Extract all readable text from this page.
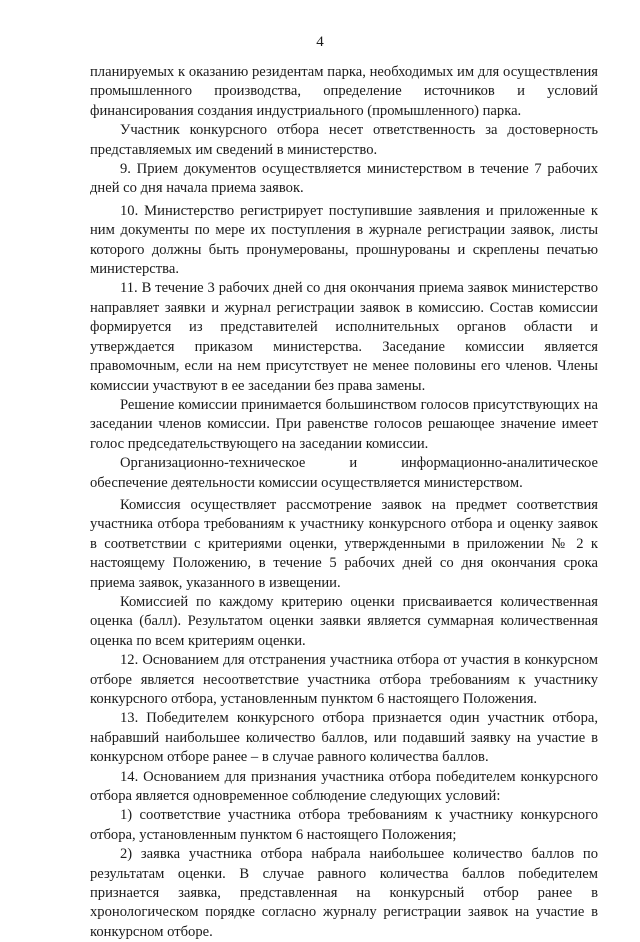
4

планируемых к оказанию резидентам парка, необходимых им для осуществления промышленного производства, определение источников и условий финансирования создания индустриального (промышленного) парка.

Участник конкурсного отбора несет ответственность за достоверность представляемых им сведений в министерство.

9. Прием документов осуществляется министерством в течение 7 рабочих дней со дня начала приема заявок.

10. Министерство регистрирует поступившие заявления и приложенные к ним документы по мере их поступления в журнале регистрации заявок, листы которого должны быть пронумерованы, прошнурованы и скреплены печатью министерства.

11. В течение 3 рабочих дней со дня окончания приема заявок министерство направляет заявки и журнал регистрации заявок в комиссию. Состав комиссии формируется из представителей исполнительных органов области и утверждается приказом министерства. Заседание комиссии является правомочным, если на нем присутствует не менее половины его членов. Члены комиссии участвуют в ее заседании без права замены.

Решение комиссии принимается большинством голосов присутствующих на заседании членов комиссии. При равенстве голосов решающее значение имеет голос председательствующего на заседании комиссии.

Организационно-техническое и информационно-аналитическое обеспечение деятельности комиссии осуществляется министерством.

Комиссия осуществляет рассмотрение заявок на предмет соответствия участника отбора требованиям к участнику конкурсного отбора и оценку заявок в соответствии с критериями оценки, утвержденными в приложении № 2 к настоящему Положению, в течение 5 рабочих дней со дня окончания срока приема заявок, указанного в извещении.

Комиссией по каждому критерию оценки присваивается количественная оценка (балл). Результатом оценки заявки является суммарная количественная оценка по всем критериям оценки.

12. Основанием для отстранения участника отбора от участия в конкурсном отборе является несоответствие участника отбора требованиям к участнику конкурсного отбора, установленным пунктом 6 настоящего Положения.

13. Победителем конкурсного отбора признается один участник отбора, набравший наибольшее количество баллов, или подавший заявку на участие в конкурсном отборе ранее – в случае равного количества баллов.

14. Основанием для признания участника отбора победителем конкурсного отбора является одновременное соблюдение следующих условий:

1) соответствие участника отбора требованиям к участнику конкурсного отбора, установленным пунктом 6 настоящего Положения;

2) заявка участника отбора набрала наибольшее количество баллов по результатам оценки. В случае равного количества баллов победителем признается заявка, представленная на конкурсный отбор ранее в хронологическом порядке согласно журналу регистрации заявок на участие в конкурсном отборе.
